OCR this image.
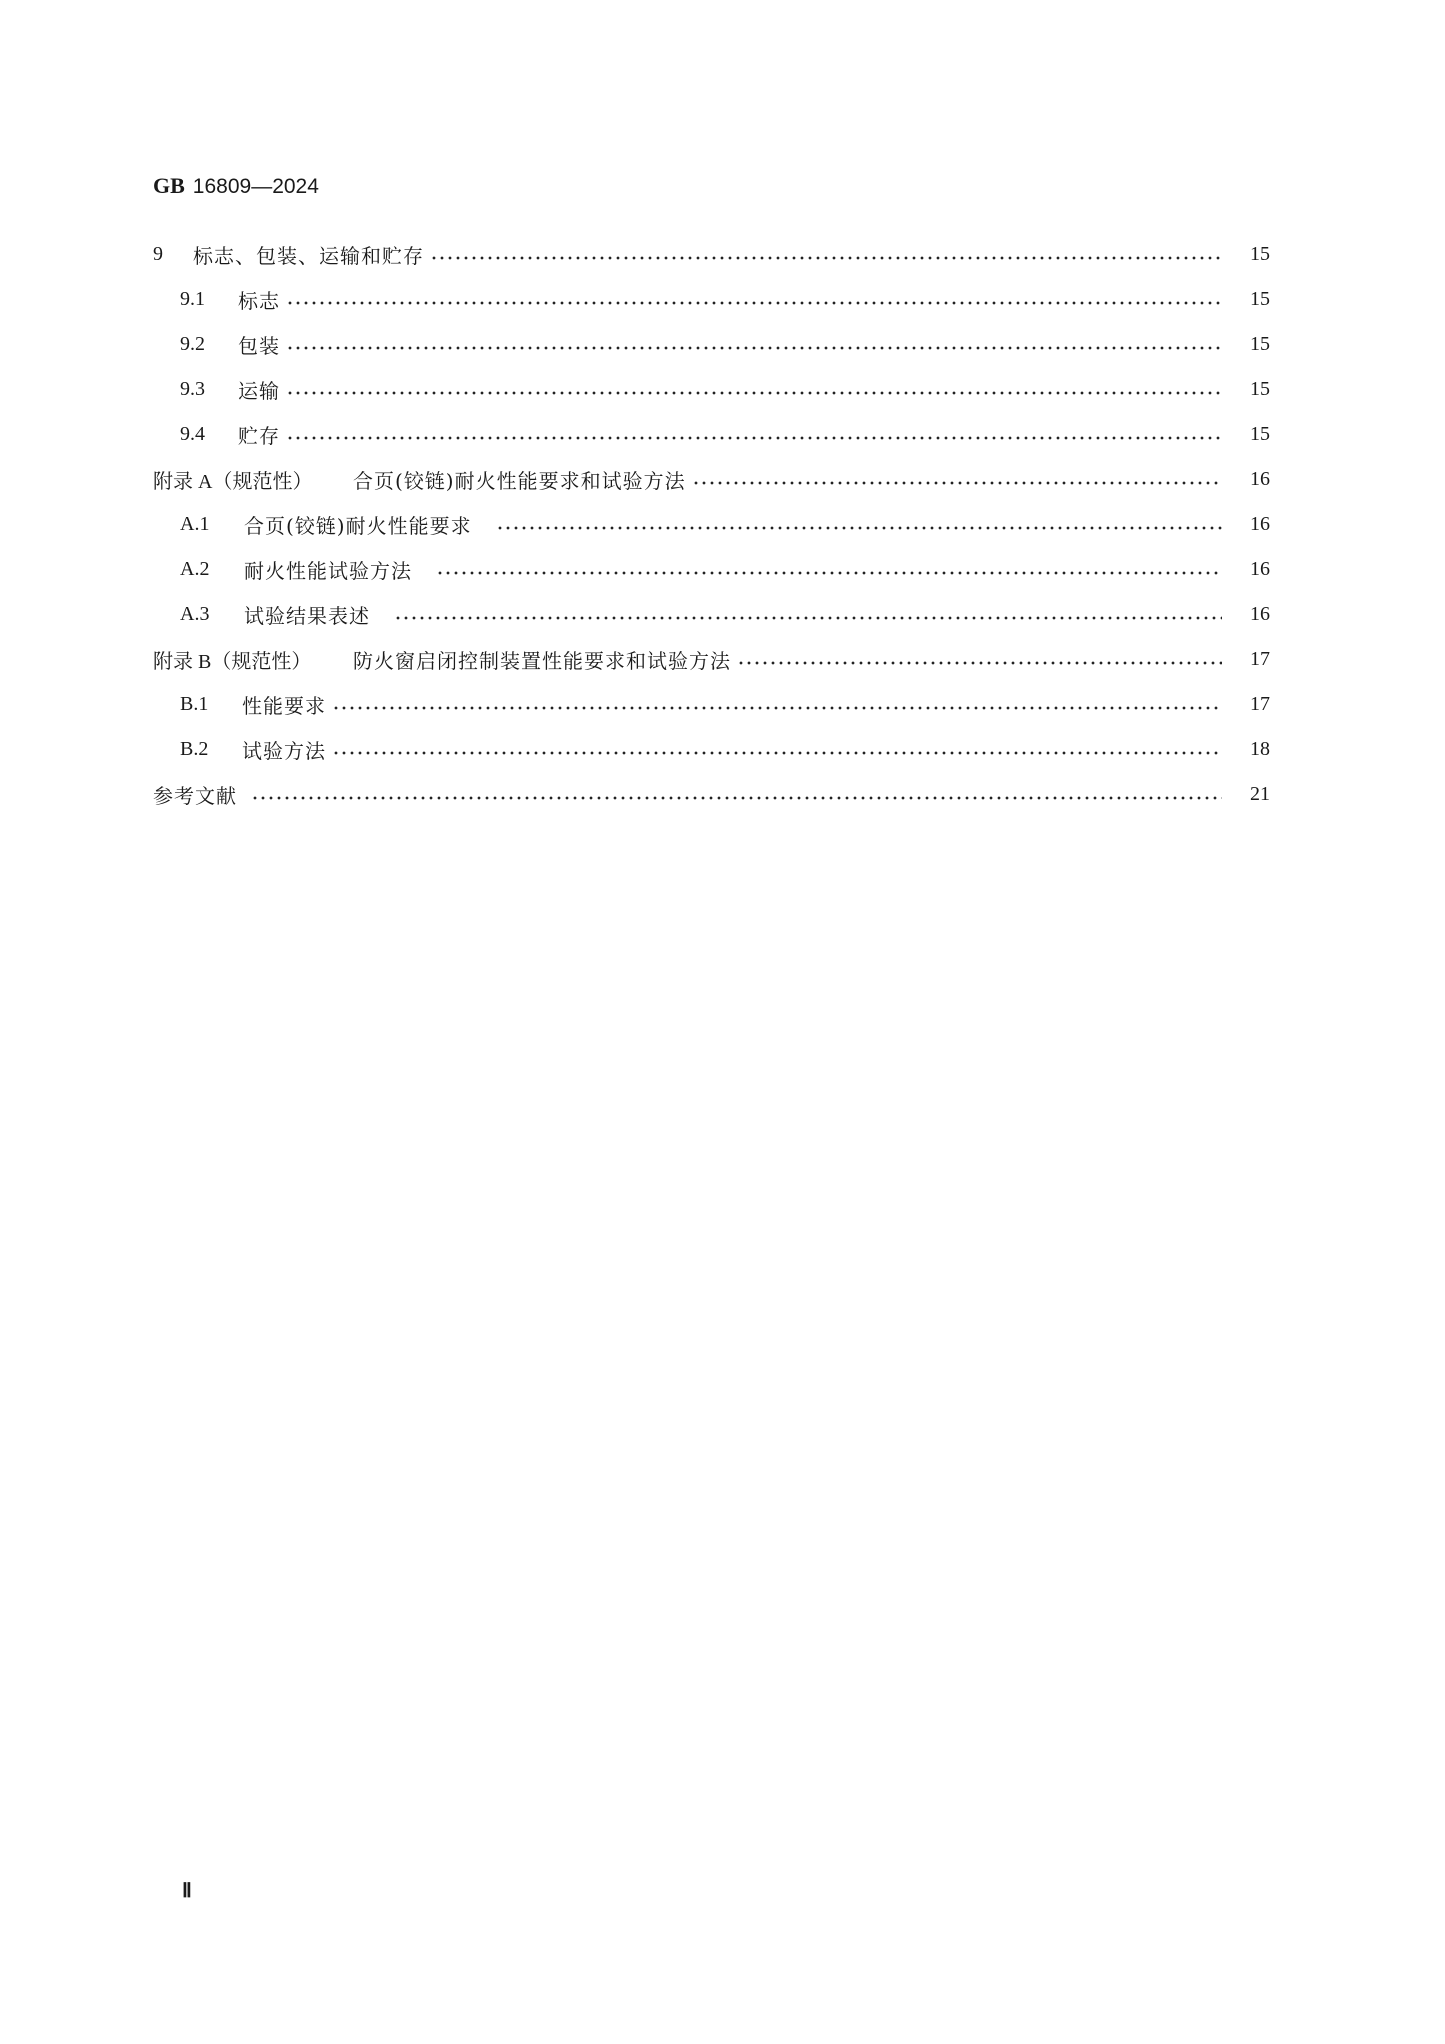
GB 16809—2024
9	标志、包装、运输和贮存	15
9.1	标志	15
9.2	包装	15
9.3	运输	15
9.4	贮存	15
附录 A（规范性）	合页(铰链)耐火性能要求和试验方法	16
A.1	合页(铰链)耐火性能要求	16
A.2	耐火性能试验方法	16
A.3	试验结果表述	16
附录 B（规范性）	防火窗启闭控制装置性能要求和试验方法	17
B.1	性能要求	17
B.2	试验方法	18
参考文献	21
Ⅱ
